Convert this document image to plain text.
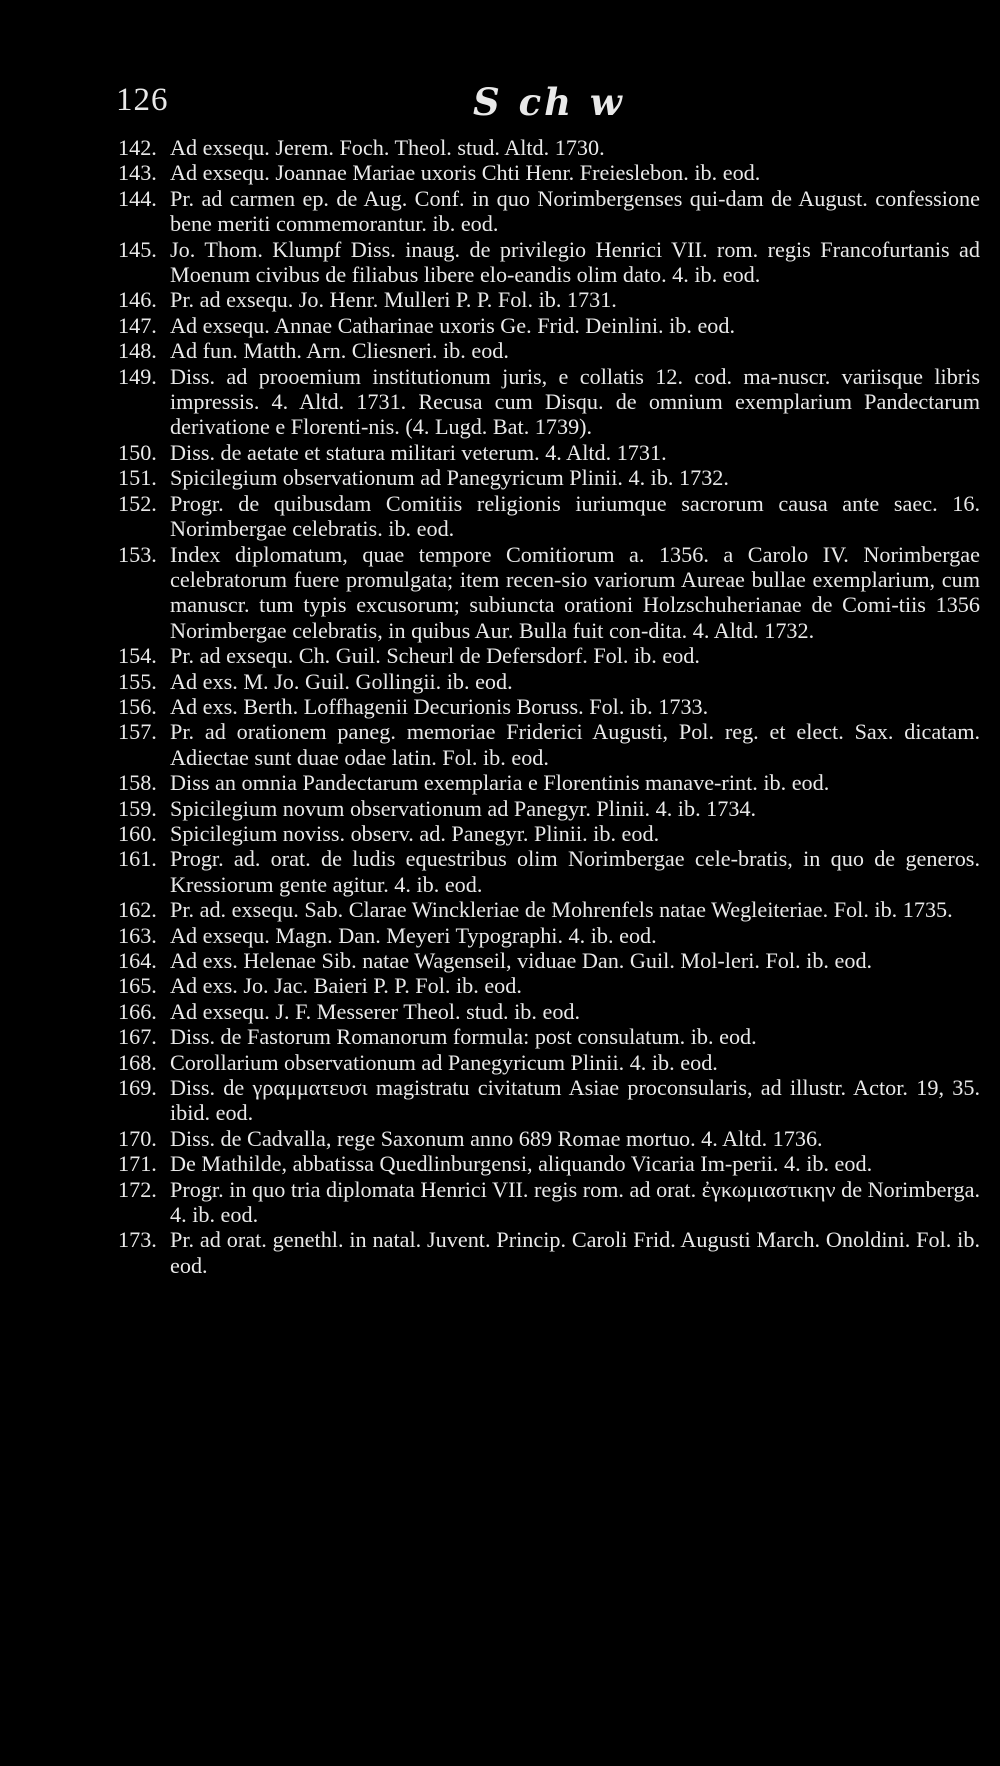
126	S ch w
142. Ad exsequ. Jerem. Foch. Theol. stud. Altd. 1730.
143. Ad exsequ. Joannae Mariae uxoris Chti Henr. Freieslebon. ib. eod.
144. Pr. ad carmen ep. de Aug. Conf. in quo Norimbergenses qui-dam de August. confessione bene meriti commemorantur. ib. eod.
145. Jo. Thom. Klumpf Diss. inaug. de privilegio Henrici VII. rom. regis Francofurtanis ad Moenum civibus de filiabus libere elo-eandis olim dato. 4. ib. eod.
146. Pr. ad exsequ. Jo. Henr. Mulleri P. P. Fol. ib. 1731.
147. Ad exsequ. Annae Catharinae uxoris Ge. Frid. Deinlini. ib. eod.
148. Ad fun. Matth. Arn. Cliesneri. ib. eod.
149. Diss. ad prooemium institutionum juris, e collatis 12. cod. ma-nuscr. variisque libris impressis. 4. Altd. 1731. Recusa cum Disqu. de omnium exemplarium Pandectarum derivatione e Florenti-nis. (4. Lugd. Bat. 1739).
150. Diss. de aetate et statura militari veterum. 4. Altd. 1731.
151. Spicilegium observationum ad Panegyricum Plinii. 4. ib. 1732.
152. Progr. de quibusdam Comitiis religionis iuriumque sacrorum causa ante saec. 16. Norimbergae celebratis. ib. eod.
153. Index diplomatum, quae tempore Comitiorum a. 1356. a Carolo IV. Norimbergae celebratorum fuere promulgata; item recen-sio variorum Aureae bullae exemplarium, cum manuscr. tum typis excusorum; subiuncta orationi Holzschuherianae de Comi-tiis 1356 Norimbergae celebratis, in quibus Aur. Bulla fuit con-dita. 4. Altd. 1732.
154. Pr. ad exsequ. Ch. Guil. Scheurl de Defersdorf. Fol. ib. eod.
155. Ad exs. M. Jo. Guil. Gollingii. ib. eod.
156. Ad exs. Berth. Loffhagenii Decurionis Boruss. Fol. ib. 1733.
157. Pr. ad orationem paneg. memoriae Friderici Augusti, Pol. reg. et elect. Sax. dicatam. Adiectae sunt duae odae latin. Fol. ib. eod.
158. Diss an omnia Pandectarum exemplaria e Florentinis manave-rint. ib. eod.
159. Spicilegium novum observationum ad Panegyr. Plinii. 4. ib. 1734.
160. Spicilegium noviss. observ. ad. Panegyr. Plinii. ib. eod.
161. Progr. ad. orat. de ludis equestribus olim Norimbergae cele-bratis, in quo de generos. Kressiorum gente agitur. 4. ib. eod.
162. Pr. ad. exsequ. Sab. Clarae Winckleriae de Mohrenfels natae Wegleiteriae. Fol. ib. 1735.
163. Ad exsequ. Magn. Dan. Meyeri Typographi. 4. ib. eod.
164. Ad exs. Helenae Sib. natae Wagenseil, viduae Dan. Guil. Mol-leri. Fol. ib. eod.
165. Ad exs. Jo. Jac. Baieri P. P. Fol. ib. eod.
166. Ad exsequ. J. F. Messerer Theol. stud. ib. eod.
167. Diss. de Fastorum Romanorum formula: post consulatum. ib. eod.
168. Corollarium observationum ad Panegyricum Plinii. 4. ib. eod.
169. Diss. de γραμματευσι magistratu civitatum Asiae proconsularis, ad illustr. Actor. 19, 35. ibid. eod.
170. Diss. de Cadvalla, rege Saxonum anno 689 Romae mortuo. 4. Altd. 1736.
171. De Mathilde, abbatissa Quedlinburgensi, aliquando Vicaria Im-perii. 4. ib. eod.
172. Progr. in quo tria diplomata Henrici VII. regis rom. ad orat. ἐγκωμιαστικην de Norimberga. 4. ib. eod.
173. Pr. ad orat. genethl. in natal. Juvent. Princip. Caroli Frid. Augusti March. Onoldini. Fol. ib. eod.
